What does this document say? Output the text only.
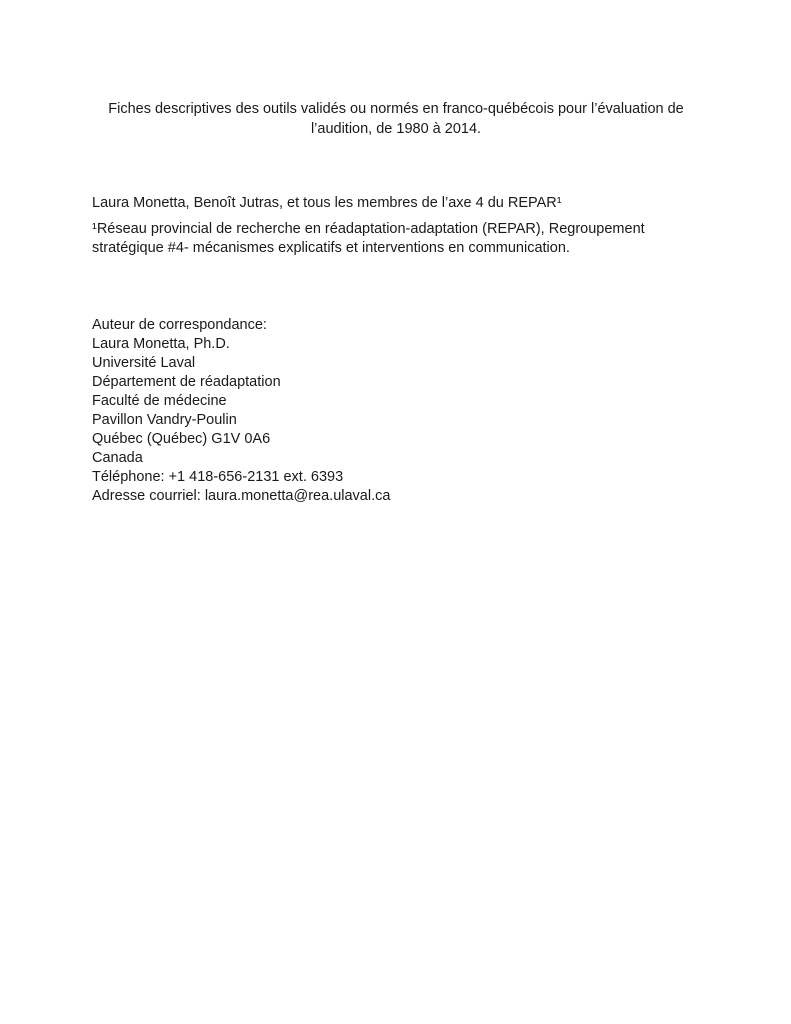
Fiches descriptives des outils validés ou normés en franco-québécois pour l’évaluation de
l’audition, de 1980 à 2014.
Laura Monetta, Benoît Jutras, et tous les membres de l’axe 4 du REPAR¹
¹Réseau provincial de recherche en réadaptation-adaptation (REPAR), Regroupement
stratégique #4- mécanismes explicatifs et interventions en communication.
Auteur de correspondance:
Laura Monetta, Ph.D.
Université Laval
Département de réadaptation
Faculté de médecine
Pavillon Vandry-Poulin
Québec (Québec) G1V 0A6
Canada
Téléphone: +1 418-656-2131 ext. 6393
Adresse courriel: laura.monetta@rea.ulaval.ca
